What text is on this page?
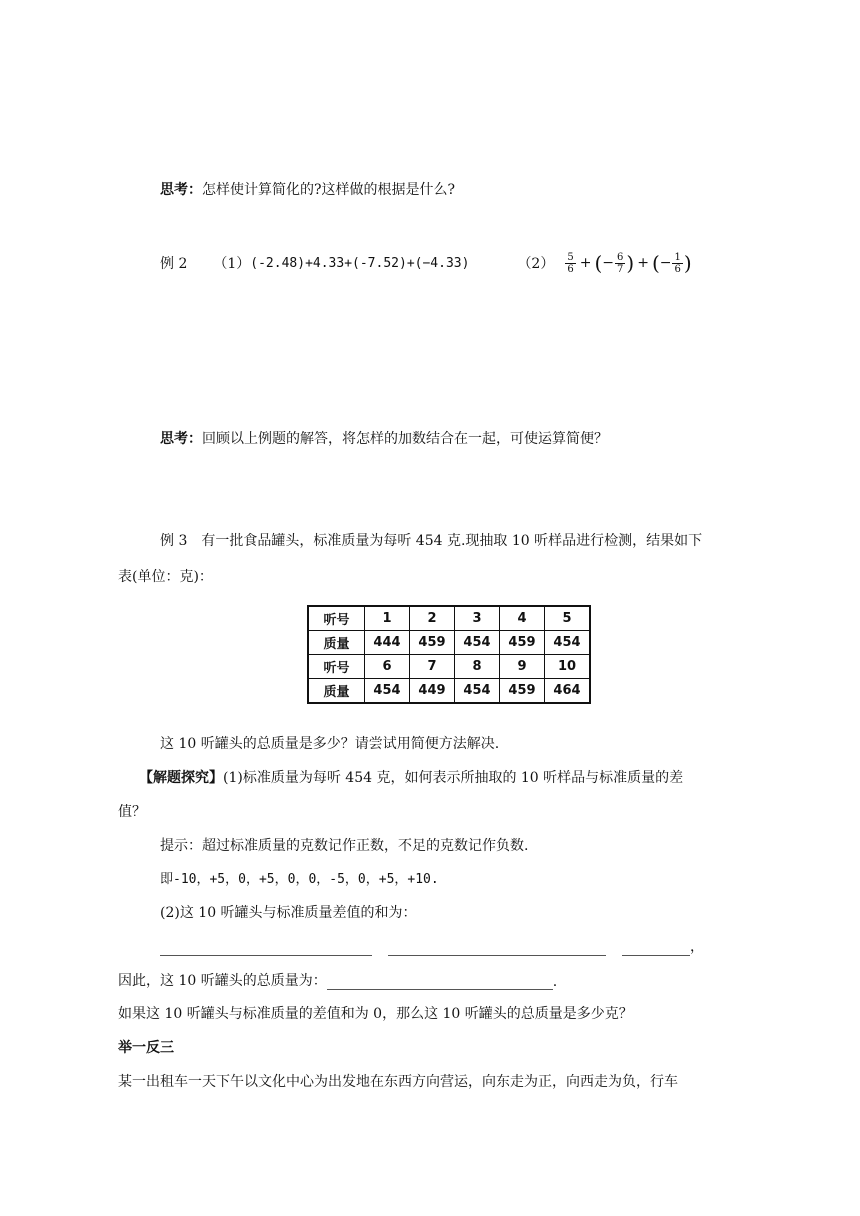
思考：怎样使计算简化的?这样做的根据是什么?
例 2 （1） (-2.48)+4.33+(-7.52)+(−4.33)	$(2) \frac{5}{6}$ + ( − $\frac{6}{7}$ ) + ( − $\frac{1}{6}$ )
思考：回顾以上例题的解答，将怎样的加数结合在一起，可使运算简便？
例 3　有一批食品罐头，标准质量为每听 454 克.现抽取 10 听样品进行检测，结果如下
表(单位：克)：
听号	1	2	3	4	5
质量	444	459	454	459	454
听号	6	7	8	9	10
质量	454	449	454	459	464
这 10 听罐头的总质量是多少？请尝试用简便方法解决.
【解题探究】(1)标准质量为每听 454 克，如何表示所抽取的 10 听样品与标准质量的差
值？
提示：超过标准质量的克数记作正数，不足的克数记作负数.
即-10，+5，0，+5，0，0，-5，0，+5，+10.
(2)这 10 听罐头与标准质量差值的和为：
，
因此，这 10 听罐头的总质量为：	.
如果这 10 听罐头与标准质量的差值和为 0，那么这 10 听罐头的总质量是多少克？
举一反三
某一出租车一天下午以文化中心为出发地在东西方向营运，向东走为正，向西走为负，行车
